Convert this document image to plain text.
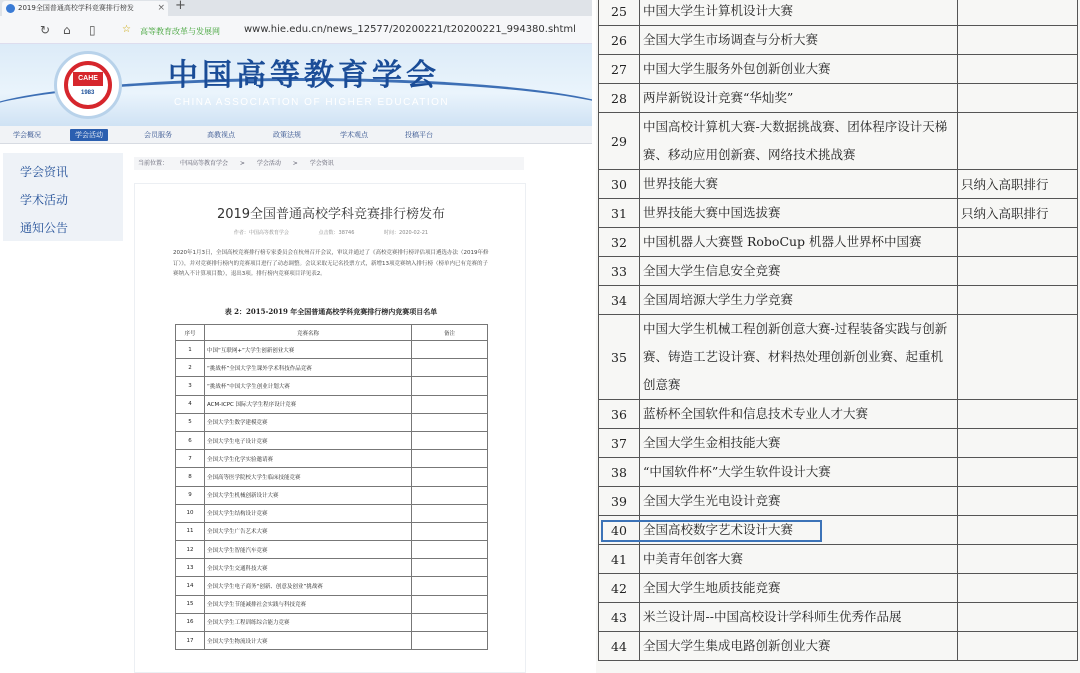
2019全国普通高校学科竞赛排行榜发	× +
↻ ⌂ ▯	☆ 高等教育改革与发展网 www.hie.edu.cn/news_12577/20200221/t20200221_994380.shtml
CAHE
1983 中国高等教育学会
CHINA ASSOCIATION OF HIGHER EDUCATION
学会概况	学会活动	会员服务	高教视点	政策法规	学术观点	投稿平台
学会资讯
学术活动
通知公告
当前位置： 中国高等教育学会 > 学会活动 > 学会资讯
2019全国普通高校学科竞赛排行榜发布
作者：中国高等教育学会	点击数：38746	时间：2020-02-21
2020年1月3日，全国高校竞赛排行榜专家委员会在杭州召开会议，审议并通过了《高校竞赛排行榜评估项目遴选办法（2019年修订）》，并对竞赛排行榜内的竞赛项目进行了动态调整。会议采取无记名投票方式，新增13项竞赛纳入排行榜（榜单内已有竞赛的子赛纳入不计算项目数），退出3项。排行榜内竞赛项目详见表2。
表 2：2015-2019 年全国普通高校学科竞赛排行榜内竞赛项目名单
序号	竞赛名称	备注
1	中国“互联网+”大学生创新创业大赛	
2	“挑战杯”全国大学生课外学术科技作品竞赛	
3	“挑战杯”中国大学生创业计划大赛	
4	ACM-ICPC 国际大学生程序设计竞赛	
5	全国大学生数学建模竞赛	
6	全国大学生电子设计竞赛	
7	全国大学生化学实验邀请赛	
8	全国高等医学院校大学生临床技能竞赛	
9	全国大学生机械创新设计大赛	
10	全国大学生结构设计竞赛	
11	全国大学生广告艺术大赛	
12	全国大学生智能汽车竞赛	
13	全国大学生交通科技大赛	
14	全国大学生电子商务“创新、创意及创业”挑战赛	
15	全国大学生节能减排社会实践与科技竞赛	
16	全国大学生工程训练综合能力竞赛	
17	全国大学生物流设计大赛	
25	中国大学生计算机设计大赛	
26	全国大学生市场调查与分析大赛	
27	中国大学生服务外包创新创业大赛	
28	两岸新锐设计竞赛“华灿奖”	
29	中国高校计算机大赛-大数据挑战赛、团体程序设计天梯赛、移动应用创新赛、网络技术挑战赛	
30	世界技能大赛	只纳入高职排行
31	世界技能大赛中国选拔赛	只纳入高职排行
32	中国机器人大赛暨 RoboCup 机器人世界杯中国赛	
33	全国大学生信息安全竞赛	
34	全国周培源大学生力学竞赛	
35	中国大学生机械工程创新创意大赛-过程装备实践与创新赛、铸造工艺设计赛、材料热处理创新创业赛、起重机创意赛	
36	蓝桥杯全国软件和信息技术专业人才大赛	
37	全国大学生金相技能大赛	
38	“中国软件杯”大学生软件设计大赛	
39	全国大学生光电设计竞赛	
40	全国高校数字艺术设计大赛	
41	中美青年创客大赛	
42	全国大学生地质技能竞赛	
43	米兰设计周--中国高校设计学科师生优秀作品展	
44	全国大学生集成电路创新创业大赛	
